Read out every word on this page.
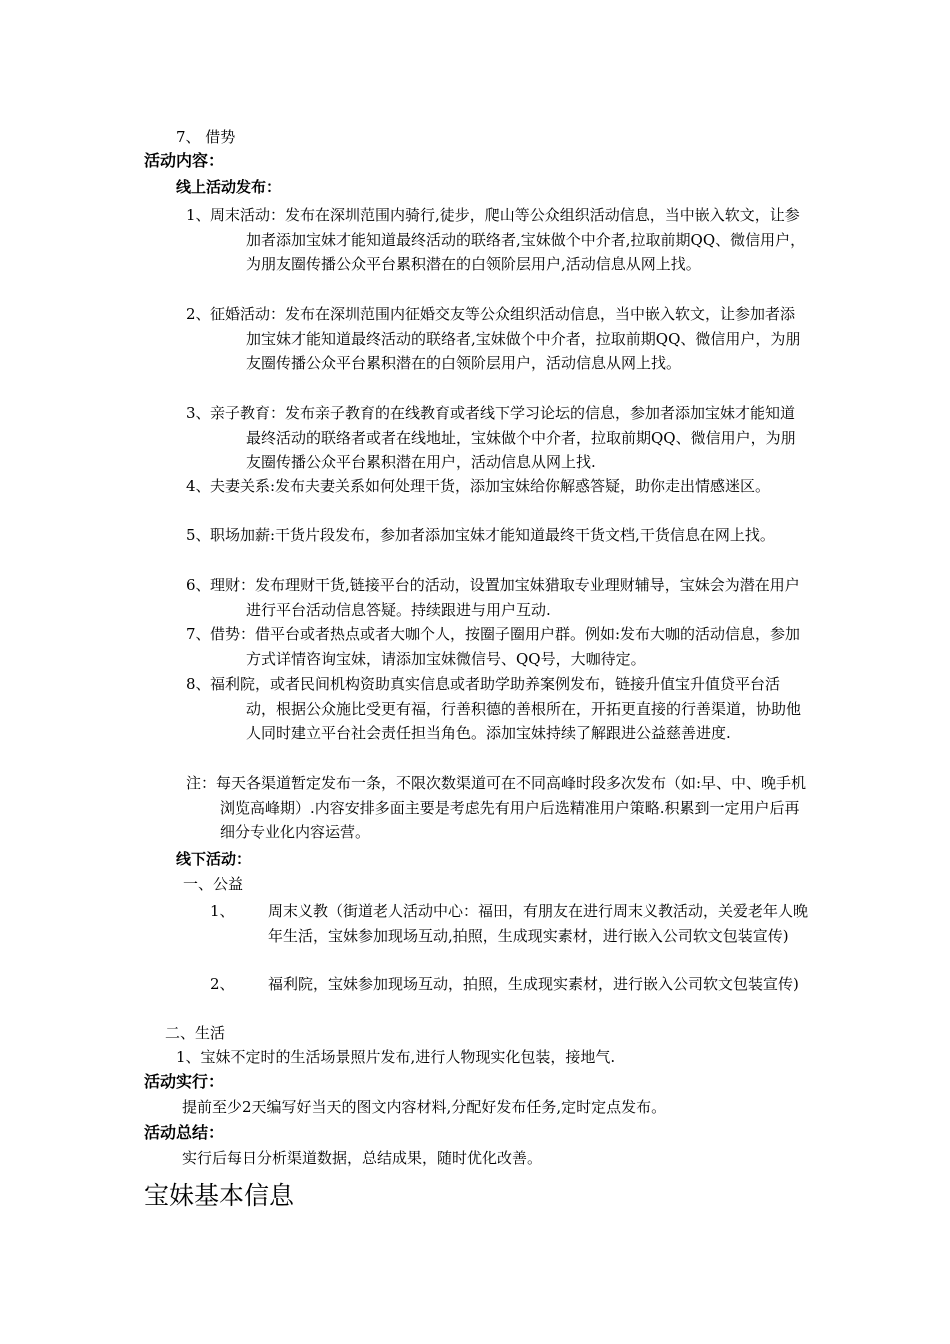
7、 借势
活动内容：
线上活动发布：
1、 周末活动：发布在深圳范围内骑行,徒步，爬山等公众组织活动信息，当中嵌入软文，让参加者添加宝妹才能知道最终活动的联络者,宝妹做个中介者,拉取前期QQ、微信用户，为朋友圈传播公众平台累积潜在的白领阶层用户,活动信息从网上找。
2、 征婚活动：发布在深圳范围内征婚交友等公众组织活动信息，当中嵌入软文，让参加者添加宝妹才能知道最终活动的联络者,宝妹做个中介者，拉取前期QQ、微信用户，为朋友圈传播公众平台累积潜在的白领阶层用户，活动信息从网上找。
3、 亲子教育：发布亲子教育的在线教育或者线下学习论坛的信息，参加者添加宝妹才能知道最终活动的联络者或者在线地址，宝妹做个中介者，拉取前期QQ、微信用户，为朋友圈传播公众平台累积潜在用户，活动信息从网上找.
4、 夫妻关系:发布夫妻关系如何处理干货，添加宝妹给你解惑答疑，助你走出情感迷区。
5、 职场加薪:干货片段发布，参加者添加宝妹才能知道最终干货文档,干货信息在网上找。
6、 理财：发布理财干货,链接平台的活动，设置加宝妹猎取专业理财辅导，宝妹会为潜在用户进行平台活动信息答疑。持续跟进与用户互动.
7、 借势：借平台或者热点或者大咖个人，按圈子圈用户群。例如:发布大咖的活动信息，参加方式详情咨询宝妹，请添加宝妹微信号、QQ号，大咖待定。
8、 福利院，或者民间机构资助真实信息或者助学助养案例发布，链接升值宝升值贷平台活动，根据公众施比受更有福，行善积德的善根所在，开拓更直接的行善渠道，协助他人同时建立平台社会责任担当角色。添加宝妹持续了解跟进公益慈善进度.
注：每天各渠道暂定发布一条，不限次数渠道可在不同高峰时段多次发布（如:早、中、晚手机浏览高峰期）.内容安排多面主要是考虑先有用户后选精准用户策略.积累到一定用户后再细分专业化内容运营。
线下活动：
一、公益
1、 周末义教（街道老人活动中心：福田，有朋友在进行周末义教活动，关爱老年人晚年生活，宝妹参加现场互动,拍照，生成现实素材，进行嵌入公司软文包装宣传)
2、 福利院，宝妹参加现场互动，拍照，生成现实素材，进行嵌入公司软文包装宣传)
二、生活
1、宝妹不定时的生活场景照片发布,进行人物现实化包装，接地气.
活动实行：
提前至少2天编写好当天的图文内容材料,分配好发布任务,定时定点发布。
活动总结：
实行后每日分析渠道数据，总结成果，随时优化改善。
宝妹基本信息
